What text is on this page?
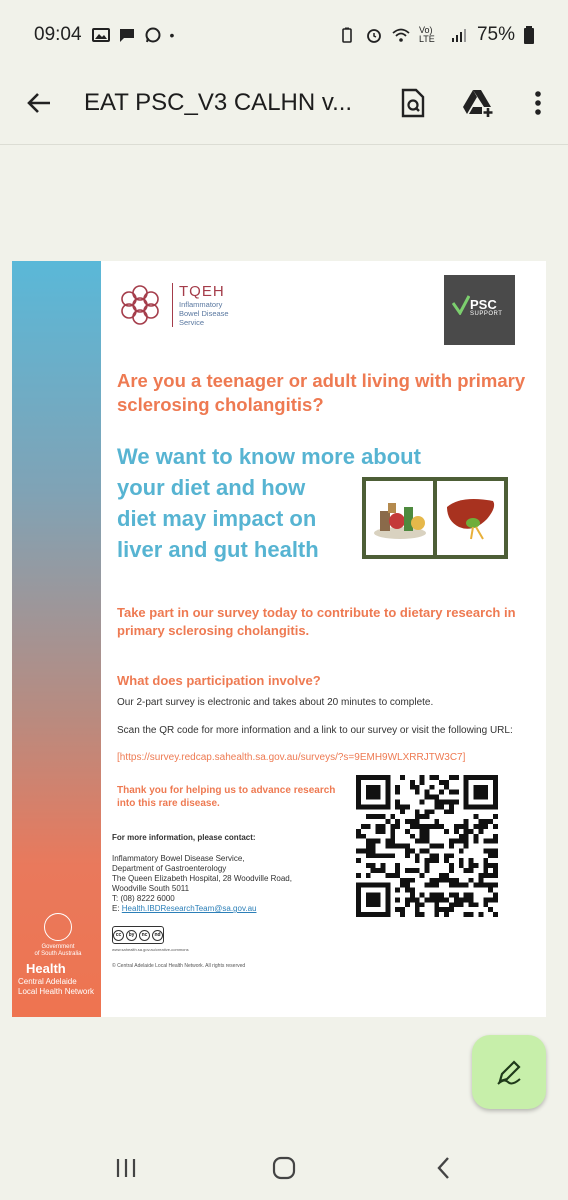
09:04	•	Vo) LTE	75%
EAT PSC_V3 CALHN v...
Government
of South Australia
Health
Central Adelaide
Local Health Network
TQEH
Inflammatory
Bowel Disease
Service
PSC
SUPPORT
Are you a teenager or adult living with primary sclerosing cholangitis?
We want to know more about
your diet and how
diet may impact on
liver and gut health
Take part in our survey today to contribute to dietary research in primary sclerosing cholangitis.
What does participation involve?
Our 2-part survey is electronic and takes about 20 minutes to complete.
Scan the QR code for more information and a link to our survey or visit the following URL:
[https://survey.redcap.sahealth.sa.gov.au/surveys/?s=9EMH9WLXRRJTW3C7]
Thank you for helping us to advance research into this rare disease.
For more information, please contact:
Inflammatory Bowel Disease Service,
Department of Gastroenterology
The Queen Elizabeth Hospital, 28 Woodville Road,
Woodville South 5011
T: (08) 8222 6000
E: Health.IBDResearchTeam@sa.gov.au
cc	by	nc	nd
www.sahealth.sa.gov.au/creative-commons
© Central Adelaide Local Health Network. All rights reserved
